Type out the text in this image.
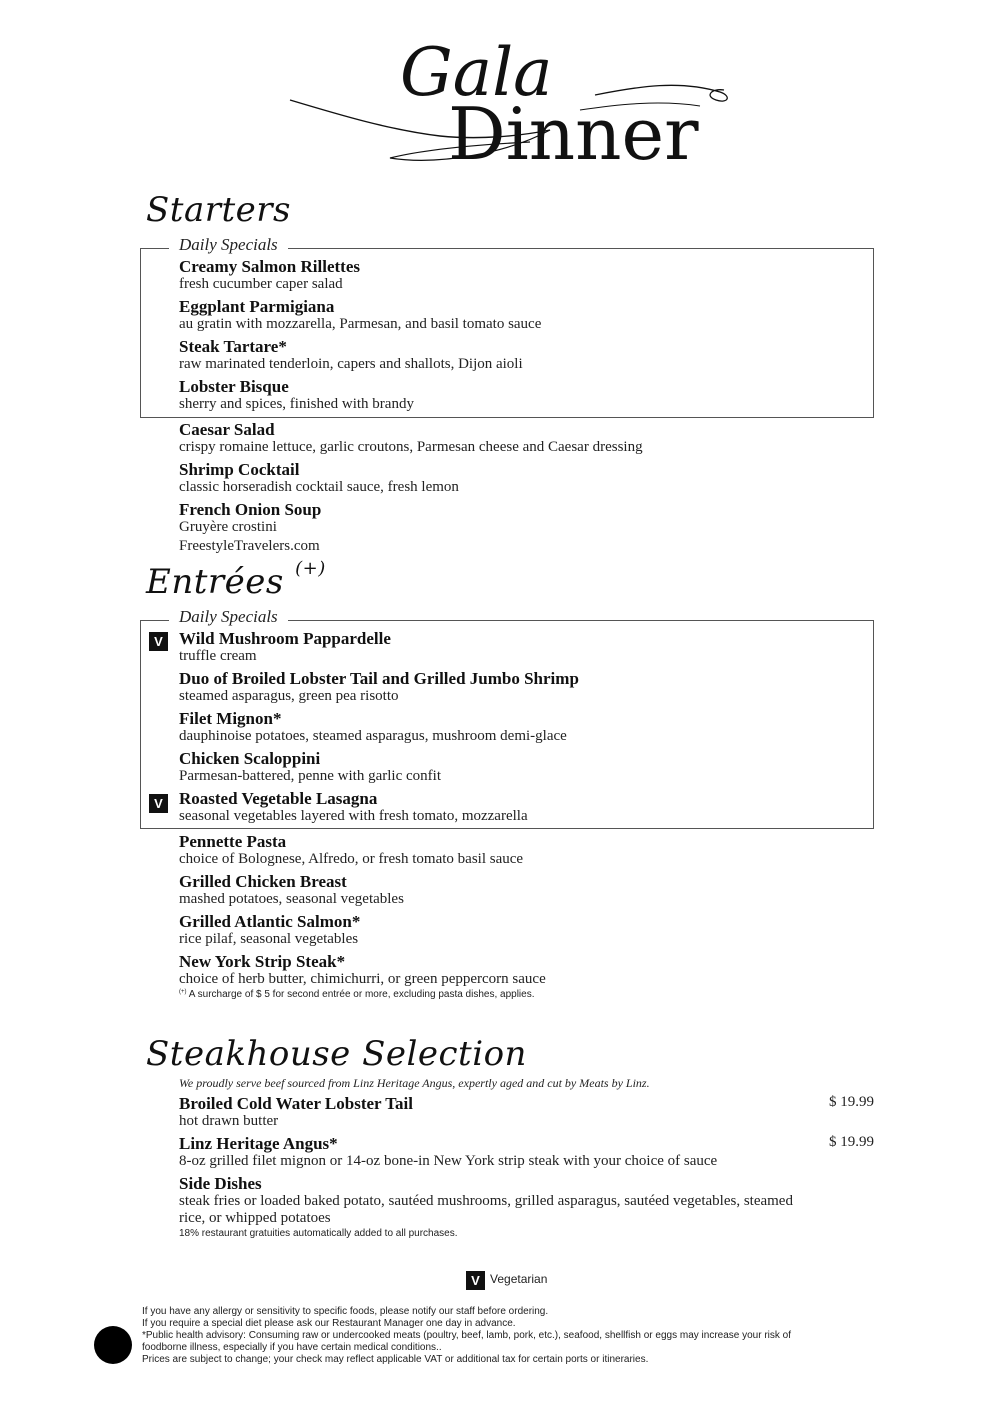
Gala
Dinner
Starters
Daily Specials
Creamy Salmon Rillettes
fresh cucumber caper salad
Eggplant Parmigiana
au gratin with mozzarella, Parmesan, and basil tomato sauce
Steak Tartare*
raw marinated tenderloin, capers and shallots, Dijon aioli
Lobster Bisque
sherry and spices, finished with brandy
Caesar Salad
crispy romaine lettuce, garlic croutons, Parmesan cheese and Caesar dressing
Shrimp Cocktail
classic horseradish cocktail sauce, fresh lemon
French Onion Soup
Gruyère crostini
FreestyleTravelers.com
Entrées (+)
Daily Specials
V Wild Mushroom Pappardelle
truffle cream
Duo of Broiled Lobster Tail and Grilled Jumbo Shrimp
steamed asparagus, green pea risotto
Filet Mignon*
dauphinoise potatoes, steamed asparagus, mushroom demi-glace
Chicken Scaloppini
Parmesan-battered, penne with garlic confit
V Roasted Vegetable Lasagna
seasonal vegetables layered with fresh tomato, mozzarella
Pennette Pasta
choice of Bolognese, Alfredo, or fresh tomato basil sauce
Grilled Chicken Breast
mashed potatoes, seasonal vegetables
Grilled Atlantic Salmon*
rice pilaf, seasonal vegetables
New York Strip Steak*
choice of herb butter, chimichurri, or green peppercorn sauce
(+) A surcharge of $ 5 for second entrée or more, excluding pasta dishes, applies.
Steakhouse Selection
We proudly serve beef sourced from Linz Heritage Angus, expertly aged and cut by Meats by Linz.
Broiled Cold Water Lobster Tail
hot drawn butter
$ 19.99
Linz Heritage Angus*
8-oz grilled filet mignon or 14-oz bone-in New York strip steak with your choice of sauce
$ 19.99
Side Dishes
steak fries or loaded baked potato, sautéed mushrooms, grilled asparagus, sautéed vegetables, steamed rice, or whipped potatoes
18% restaurant gratuities automatically added to all purchases.
V Vegetarian
If you have any allergy or sensitivity to specific foods, please notify our staff before ordering.
If you require a special diet please ask our Restaurant Manager one day in advance.
*Public health advisory: Consuming raw or undercooked meats (poultry, beef, lamb, pork, etc.), seafood, shellfish or eggs may increase your risk of foodborne illness, especially if you have certain medical conditions..
Prices are subject to change; your check may reflect applicable VAT or additional tax for certain ports or itineraries.
